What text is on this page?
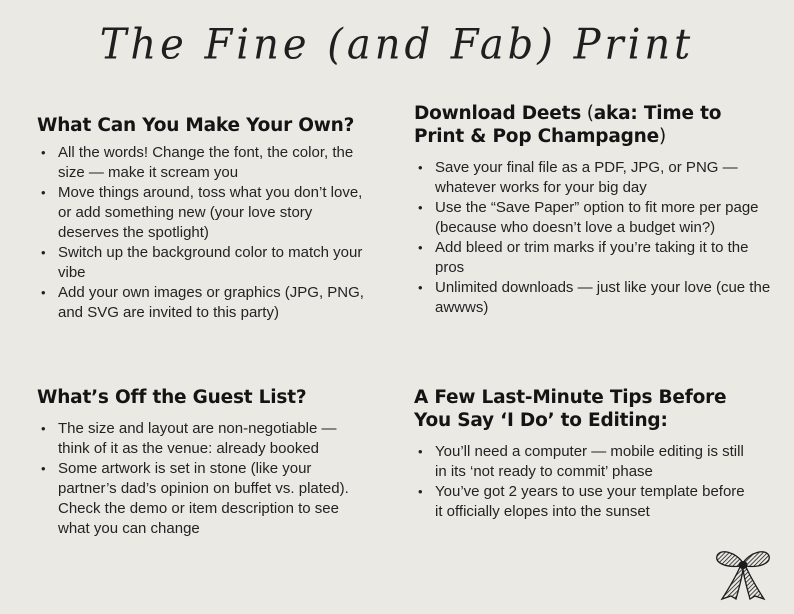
The Fine (and Fab) Print
What Can You Make Your Own?
• All the words! Change the font, the color, the size — make it scream you
• Move things around, toss what you don’t love, or add something new (your love story deserves the spotlight)
• Switch up the background color to match your vibe
• Add your own images or graphics (JPG, PNG, and SVG are invited to this party)
Download Deets (aka: Time to Print & Pop Champagne)
• Save your final file as a PDF, JPG, or PNG — whatever works for your big day
• Use the “Save Paper” option to fit more per page (because who doesn’t love a budget win?)
• Add bleed or trim marks if you’re taking it to the pros
• Unlimited downloads — just like your love (cue the awwws)
What’s Off the Guest List?
• The size and layout are non-negotiable — think of it as the venue: already booked
• Some artwork is set in stone (like your partner’s dad’s opinion on buffet vs. plated). Check the demo or item description to see what you can change
A Few Last-Minute Tips Before You Say ‘I Do’ to Editing:
• You’ll need a computer — mobile editing is still in its ‘not ready to commit’ phase
• You’ve got 2 years to use your template before it officially elopes into the sunset
